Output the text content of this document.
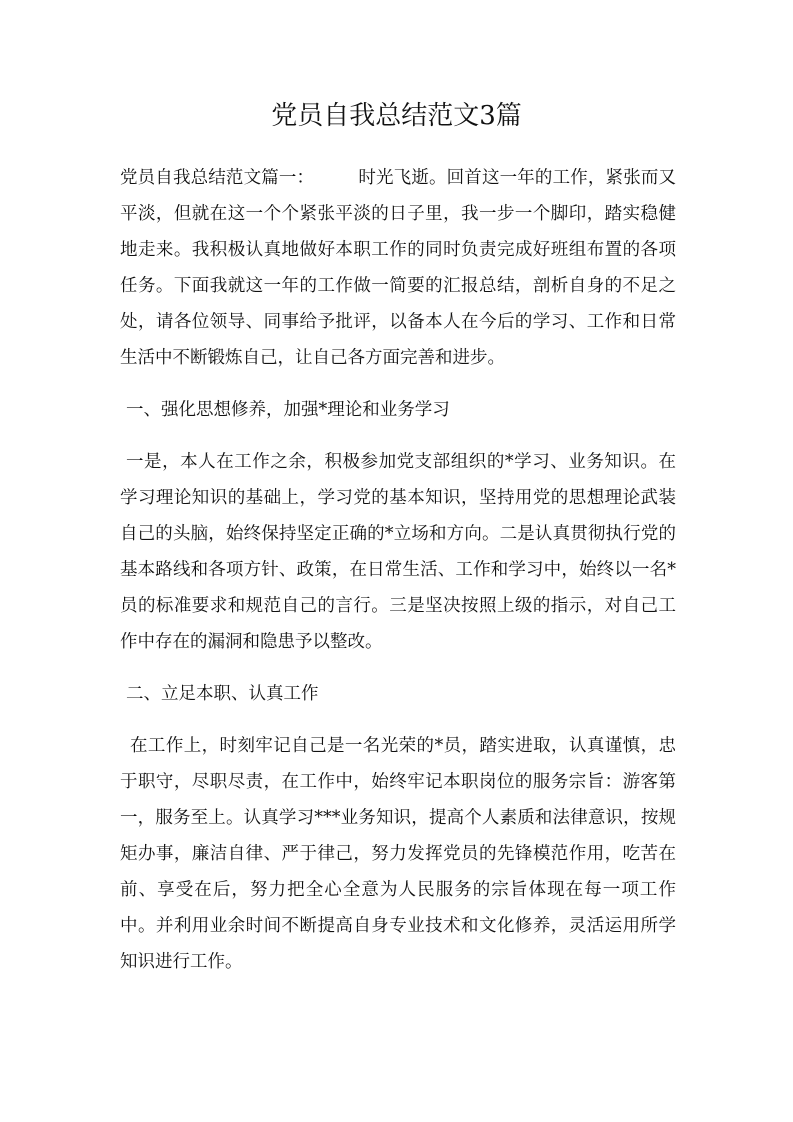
党员自我总结范文3篇

党员自我总结范文篇一：	时光飞逝。回首这一年的工作，紧张而又平淡，但就在这一个个紧张平淡的日子里，我一步一个脚印，踏实稳健地走来。我积极认真地做好本职工作的同时负责完成好班组布置的各项任务。下面我就这一年的工作做一简要的汇报总结，剖析自身的不足之处，请各位领导、同事给予批评，以备本人在今后的学习、工作和日常生活中不断锻炼自己，让自己各方面完善和进步。

一、强化思想修养，加强*理论和业务学习

一是，本人在工作之余，积极参加党支部组织的*学习、业务知识。在学习理论知识的基础上，学习党的基本知识，坚持用党的思想理论武装自己的头脑，始终保持坚定正确的*立场和方向。二是认真贯彻执行党的基本路线和各项方针、政策，在日常生活、工作和学习中，始终以一名*员的标准要求和规范自己的言行。三是坚决按照上级的指示，对自己工作中存在的漏洞和隐患予以整改。

二、立足本职、认真工作

在工作上，时刻牢记自己是一名光荣的*员，踏实进取，认真谨慎，忠于职守，尽职尽责，在工作中，始终牢记本职岗位的服务宗旨：游客第一，服务至上。认真学习***业务知识，提高个人素质和法律意识，按规矩办事，廉洁自律、严于律己，努力发挥党员的先锋模范作用，吃苦在前、享受在后，努力把全心全意为人民服务的宗旨体现在每一项工作中。并利用业余时间不断提高自身专业技术和文化修养，灵活运用所学知识进行工作。
